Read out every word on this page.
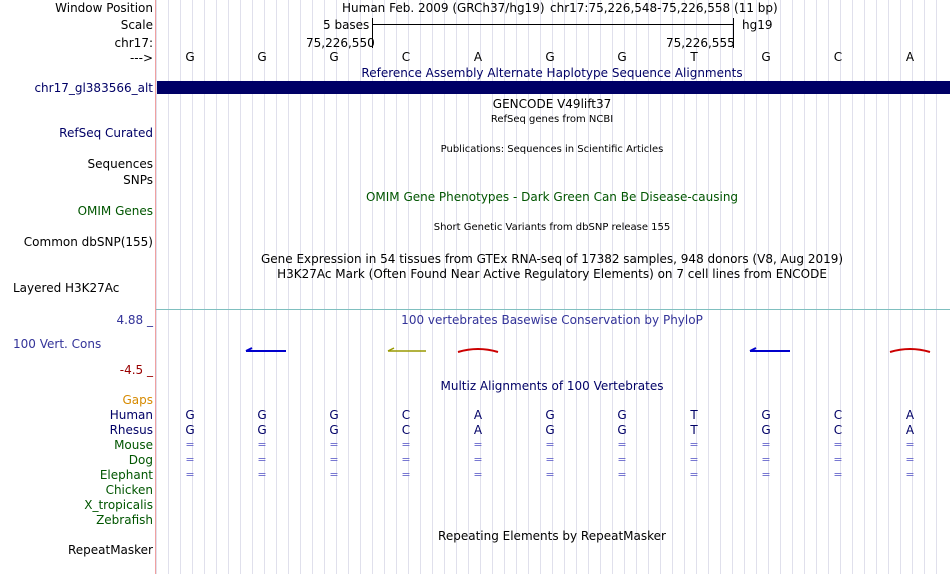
Window Position
Scale
chr17:
--->
Human Feb. 2009 (GRCh37/hg19) chr17:75,226,548-75,226,558 (11 bp)
5 bases	hg19
75,226,550	75,226,555
G	G	G	C	A	G	G	T	G	C	A
Reference Assembly Alternate Haplotype Sequence Alignments
chr17_gl383566_alt
GENCODE V49lift37
RefSeq genes from NCBI
RefSeq Curated
Publications: Sequences in Scientific Articles
Sequences
SNPs
OMIM Gene Phenotypes - Dark Green Can Be Disease-causing
OMIM Genes
Short Genetic Variants from dbSNP release 155
Common dbSNP(155)
Gene Expression in 54 tissues from GTEx RNA-seq of 17382 samples, 948 donors (V8, Aug 2019)
H3K27Ac Mark (Often Found Near Active Regulatory Elements) on 7 cell lines from ENCODE
Layered H3K27Ac
100 vertebrates Basewise Conservation by PhyloP
4.88 _
100 Vert. Cons
-4.5 _
Multiz Alignments of 100 Vertebrates
Gaps
Human	G	G	G	C	A	G	G	T	G	C	A
Rhesus	G	G	G	C	A	G	G	T	G	C	A
Mouse	=	=	=	=	=	=	=	=	=	=	=
Dog	=	=	=	=	=	=	=	=	=	=	=
Elephant	=	=	=	=	=	=	=	=	=	=	=
Chicken
X_tropicalis
Zebrafish
Repeating Elements by RepeatMasker
RepeatMasker
